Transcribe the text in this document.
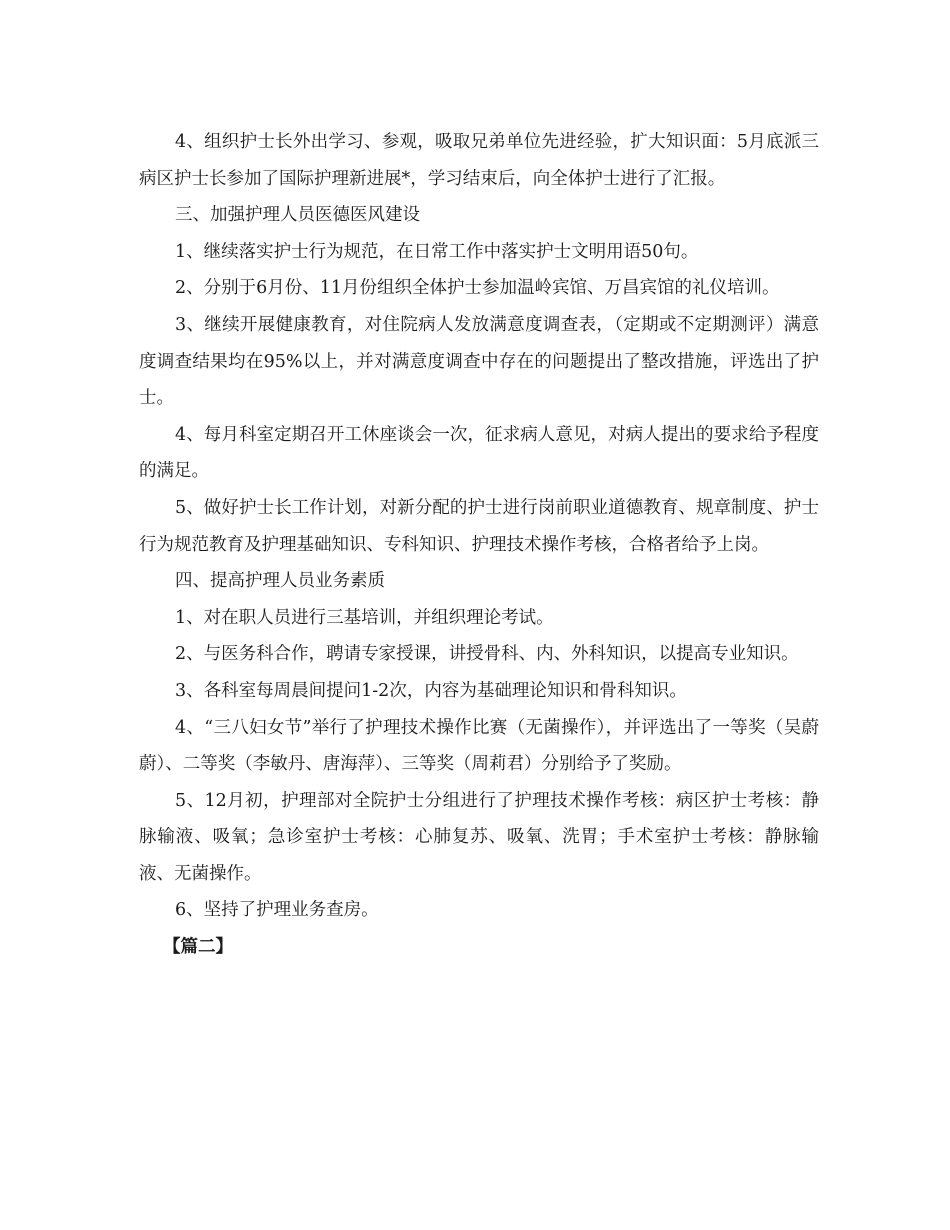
4、组织护士长外出学习、参观，吸取兄弟单位先进经验，扩大知识面：5月底派三病区护士长参加了国际护理新进展*，学习结束后，向全体护士进行了汇报。

三、加强护理人员医德医风建设

1、继续落实护士行为规范，在日常工作中落实护士文明用语50句。

2、分别于6月份、11月份组织全体护士参加温岭宾馆、万昌宾馆的礼仪培训。

3、继续开展健康教育，对住院病人发放满意度调查表，（定期或不定期测评）满意度调查结果均在95%以上，并对满意度调查中存在的问题提出了整改措施，评选出了护士。

4、每月科室定期召开工休座谈会一次，征求病人意见，对病人提出的要求给予程度的满足。

5、做好护士长工作计划，对新分配的护士进行岗前职业道德教育、规章制度、护士行为规范教育及护理基础知识、专科知识、护理技术操作考核，合格者给予上岗。

四、提高护理人员业务素质

1、对在职人员进行三基培训，并组织理论考试。

2、与医务科合作，聘请专家授课，讲授骨科、内、外科知识，以提高专业知识。

3、各科室每周晨间提问1-2次，内容为基础理论知识和骨科知识。

4、“三八妇女节”举行了护理技术操作比赛（无菌操作），并评选出了一等奖（吴蔚蔚）、二等奖（李敏丹、唐海萍）、三等奖（周莉君）分别给予了奖励。

5、12月初，护理部对全院护士分组进行了护理技术操作考核：病区护士考核：静脉输液、吸氧；急诊室护士考核：心肺复苏、吸氧、洗胃；手术室护士考核：静脉输液、无菌操作。

6、坚持了护理业务查房。

【篇二】
